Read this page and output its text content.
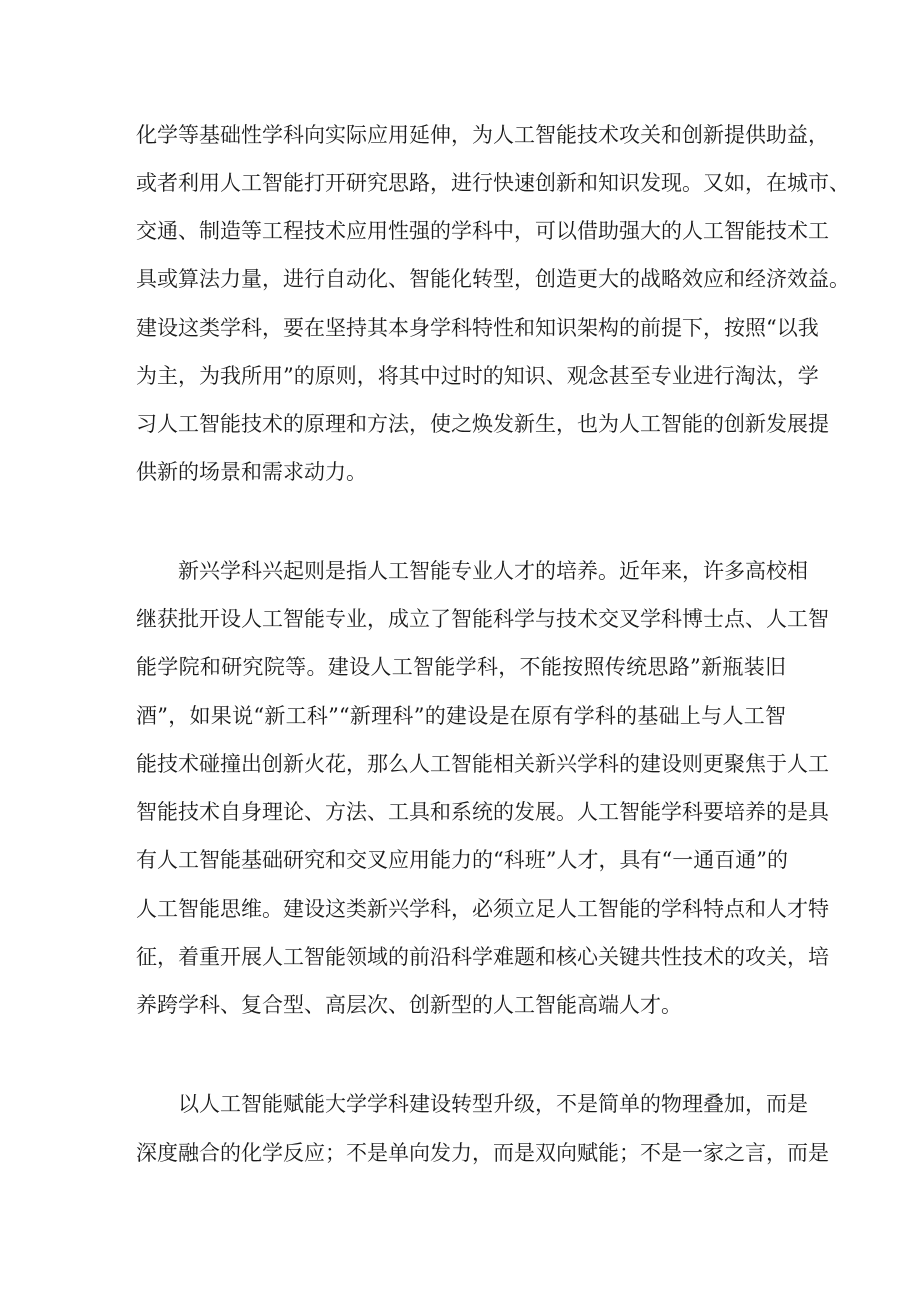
化学等基础性学科向实际应用延伸，为人工智能技术攻关和创新提供助益，
或者利用人工智能打开研究思路，进行快速创新和知识发现。又如，在城市、
交通、制造等工程技术应用性强的学科中，可以借助强大的人工智能技术工
具或算法力量，进行自动化、智能化转型，创造更大的战略效应和经济效益。
建设这类学科，要在坚持其本身学科特性和知识架构的前提下，按照“以我
为主，为我所用”的原则，将其中过时的知识、观念甚至专业进行淘汰，学
习人工智能技术的原理和方法，使之焕发新生，也为人工智能的创新发展提
供新的场景和需求动力。
新兴学科兴起则是指人工智能专业人才的培养。近年来，许多高校相
继获批开设人工智能专业，成立了智能科学与技术交叉学科博士点、人工智
能学院和研究院等。建设人工智能学科，不能按照传统思路”新瓶装旧
酒”，如果说“新工科”“新理科”的建设是在原有学科的基础上与人工智
能技术碰撞出创新火花，那么人工智能相关新兴学科的建设则更聚焦于人工
智能技术自身理论、方法、工具和系统的发展。人工智能学科要培养的是具
有人工智能基础研究和交叉应用能力的“科班”人才，具有“一通百通”的
人工智能思维。建设这类新兴学科，必须立足人工智能的学科特点和人才特
征，着重开展人工智能领域的前沿科学难题和核心关键共性技术的攻关，培
养跨学科、复合型、高层次、创新型的人工智能高端人才。
以人工智能赋能大学学科建设转型升级，不是简单的物理叠加，而是
深度融合的化学反应；不是单向发力，而是双向赋能；不是一家之言，而是
